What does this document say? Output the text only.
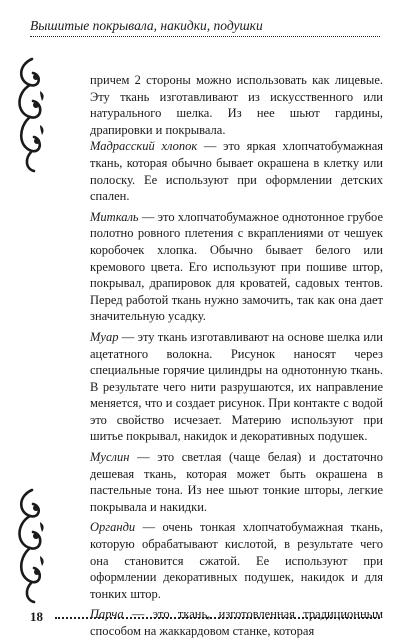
Вышитые покрывала, накидки, подушки

причем 2 стороны можно использовать как лицевые. Эту ткань изготавливают из искусственного или натурального шелка. Из нее шьют гардины, драпировки и покрывала.

Мадрасский хлопок — это яркая хлопчатобумажная ткань, которая обычно бывает окрашена в клетку или полоску. Ее используют при оформлении детских спален.

Миткаль — это хлопчатобумажное однотонное грубое полотно ровного плетения с вкраплениями от чешуек коробочек хлопка. Обычно бывает белого или кремового цвета. Его используют при пошиве штор, покрывал, драпировок для кроватей, садовых тентов. Перед работой ткань нужно замочить, так как она дает значительную усадку.

Муар — эту ткань изготавливают на основе шелка или ацетатного волокна. Рисунок наносят через специальные горячие цилиндры на однотонную ткань. В результате чего нити разрушаются, их направление меняется, что и создает рисунок. При контакте с водой это свойство исчезает. Материю используют при шитье покрывал, накидок и декоративных подушек.

Муслин — это светлая (чаще белая) и достаточно дешевая ткань, которая может быть окрашена в пастельные тона. Из нее шьют тонкие шторы, легкие покрывала и накидки.

Органди — очень тонкая хлопчатобумажная ткань, которую обрабатывают кислотой, в результате чего она становится сжатой. Ее используют при оформлении декоративных подушек, накидок и для тонких штор.

Парча — это ткань, изготовленная традиционным способом на жаккардовом станке, которая

18
